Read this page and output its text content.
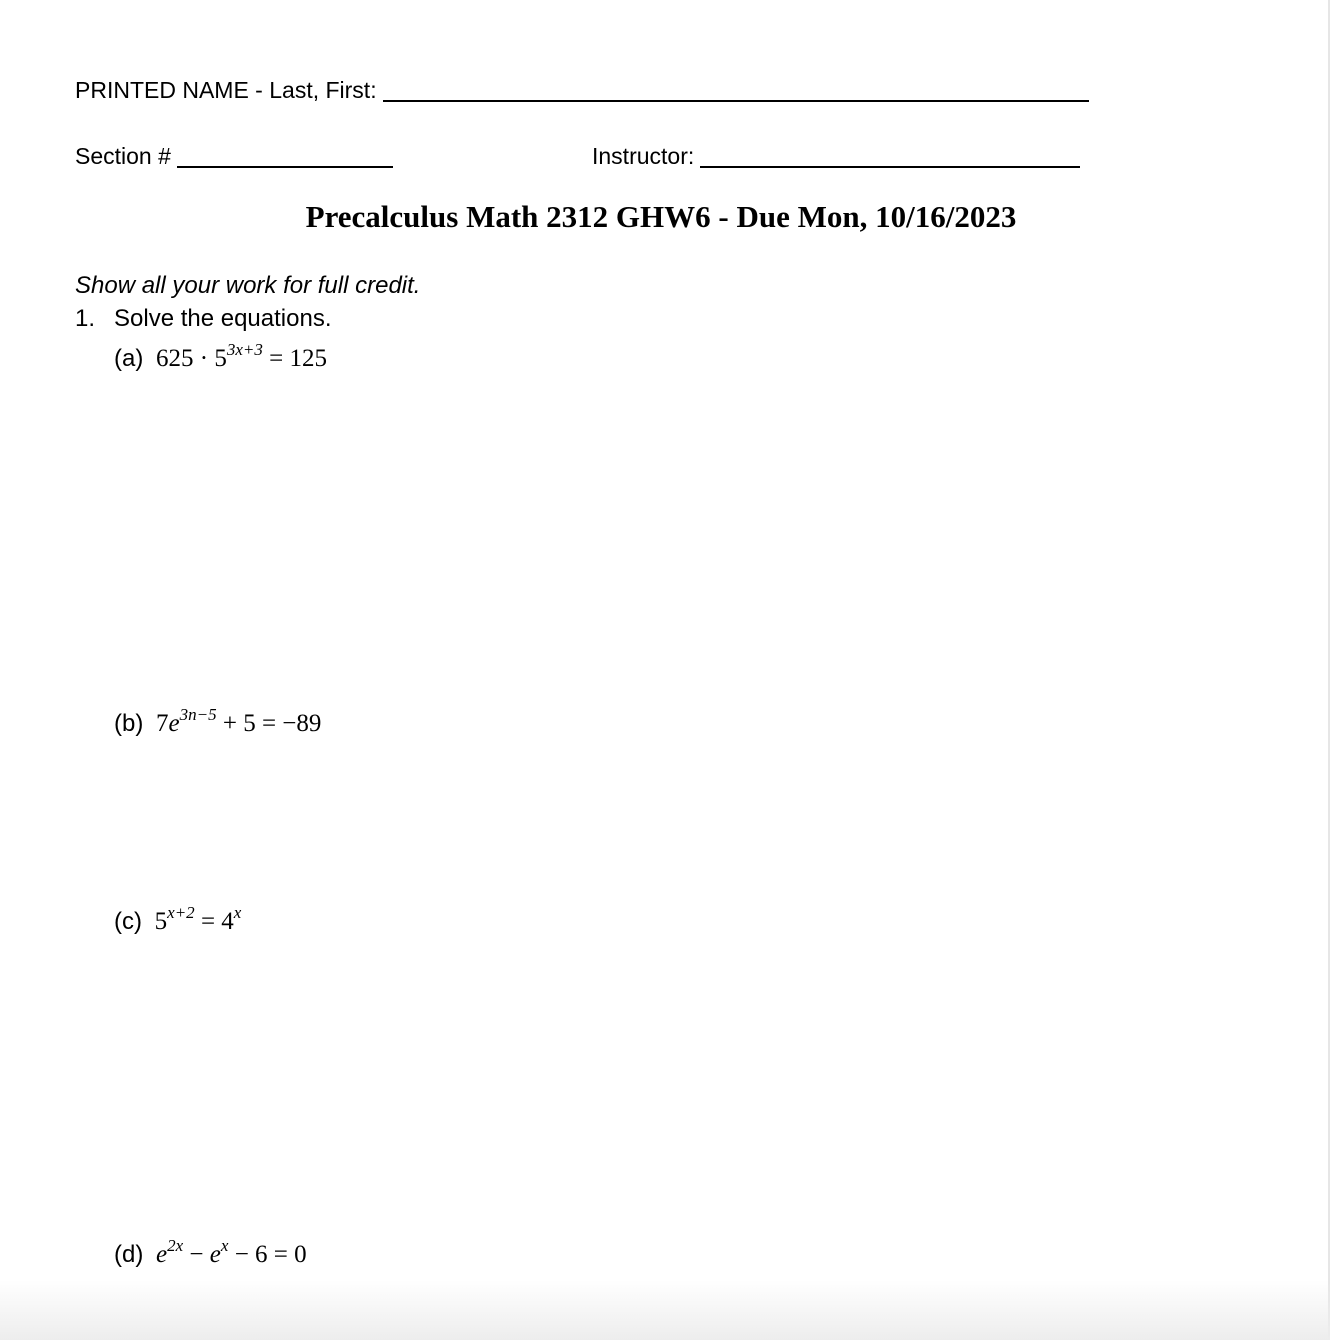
PRINTED NAME - Last, First:
Section #	Instructor:
Precalculus Math 2312 GHW6 - Due Mon, 10/16/2023
Show all your work for full credit.
1. Solve the equations.
(a) $625 \cdot 5^{3x+3} = 125$
(b) $7e^{3n-5} + 5 = -89$
(c) $5^{x+2} = 4^x$
(d) $e^{2x} - e^x - 6 = 0$
